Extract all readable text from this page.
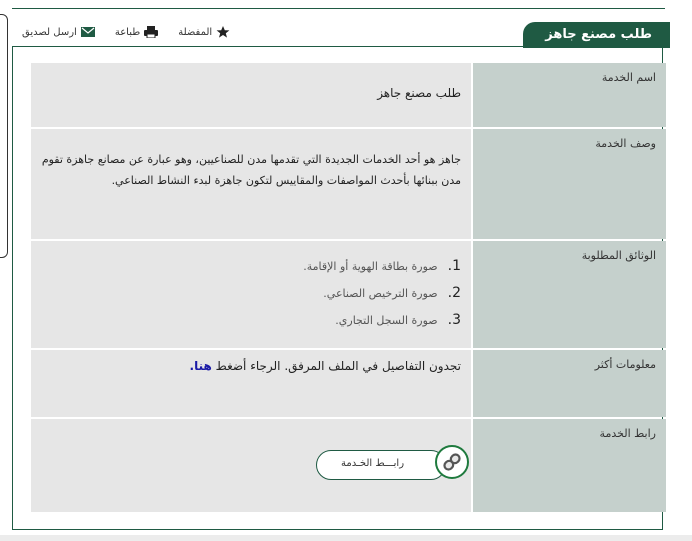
طلب مصنع جاهز
ارسل لصديق	طباعة	المفضلة
اسم الخدمة
طلب مصنع جاهز
وصف الخدمة
جاهز هو أحد الخدمات الجديدة التي تقدمها مدن للصناعيين، وهو عبارة عن مصانع جاهزة تقوم مدن ببنائها بأحدث المواصفات والمقاييس لتكون جاهزة لبدء النشاط الصناعي.
الوثائق المطلوبة
1.
صورة بطاقة الهوية أو الإقامة.
2.
صورة الترخيص الصناعي.
3.
صورة السجل التجاري.
معلومات أكثر
تجدون التفاصيل في الملف المرفق. الرجاء أضغط هنا.
رابط الخدمة
رابـــط الخـدمة
